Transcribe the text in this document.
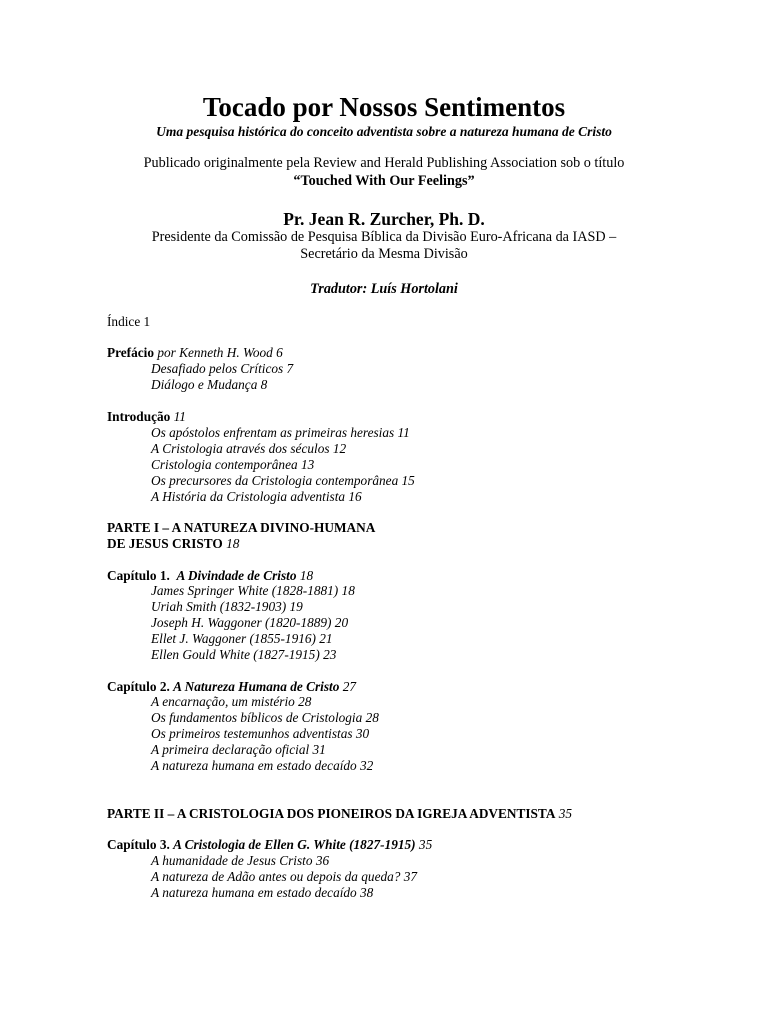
Tocado por Nossos Sentimentos
Uma pesquisa histórica do conceito adventista sobre a natureza humana de Cristo
Publicado originalmente pela Review and Herald Publishing Association sob o título
“Touched With Our Feelings”
Pr. Jean R. Zurcher, Ph. D.
Presidente da Comissão de Pesquisa Bíblica da Divisão Euro-Africana da IASD –
Secretário da Mesma Divisão
Tradutor: Luís Hortolani
Índice 1
Prefácio por Kenneth H. Wood 6
Desafiado pelos Críticos 7
Diálogo e Mudança 8
Introdução 11
Os apóstolos enfrentam as primeiras heresias 11
A Cristologia através dos séculos 12
Cristologia contemporânea 13
Os precursores da Cristologia contemporânea 15
A História da Cristologia adventista 16
PARTE I – A NATUREZA DIVINO-HUMANA
DE JESUS CRISTO 18
Capítulo 1. A Divindade de Cristo 18
James Springer White (1828-1881) 18
Uriah Smith (1832-1903) 19
Joseph H. Waggoner (1820-1889) 20
Ellet J. Waggoner (1855-1916) 21
Ellen Gould White (1827-1915) 23
Capítulo 2. A Natureza Humana de Cristo 27
A encarnação, um mistério 28
Os fundamentos bíblicos de Cristologia 28
Os primeiros testemunhos adventistas 30
A primeira declaração oficial 31
A natureza humana em estado decaído 32
PARTE II – A CRISTOLOGIA DOS PIONEIROS DA IGREJA ADVENTISTA 35
Capítulo 3. A Cristologia de Ellen G. White (1827-1915) 35
A humanidade de Jesus Cristo 36
A natureza de Adão antes ou depois da queda? 37
A natureza humana em estado decaído 38
